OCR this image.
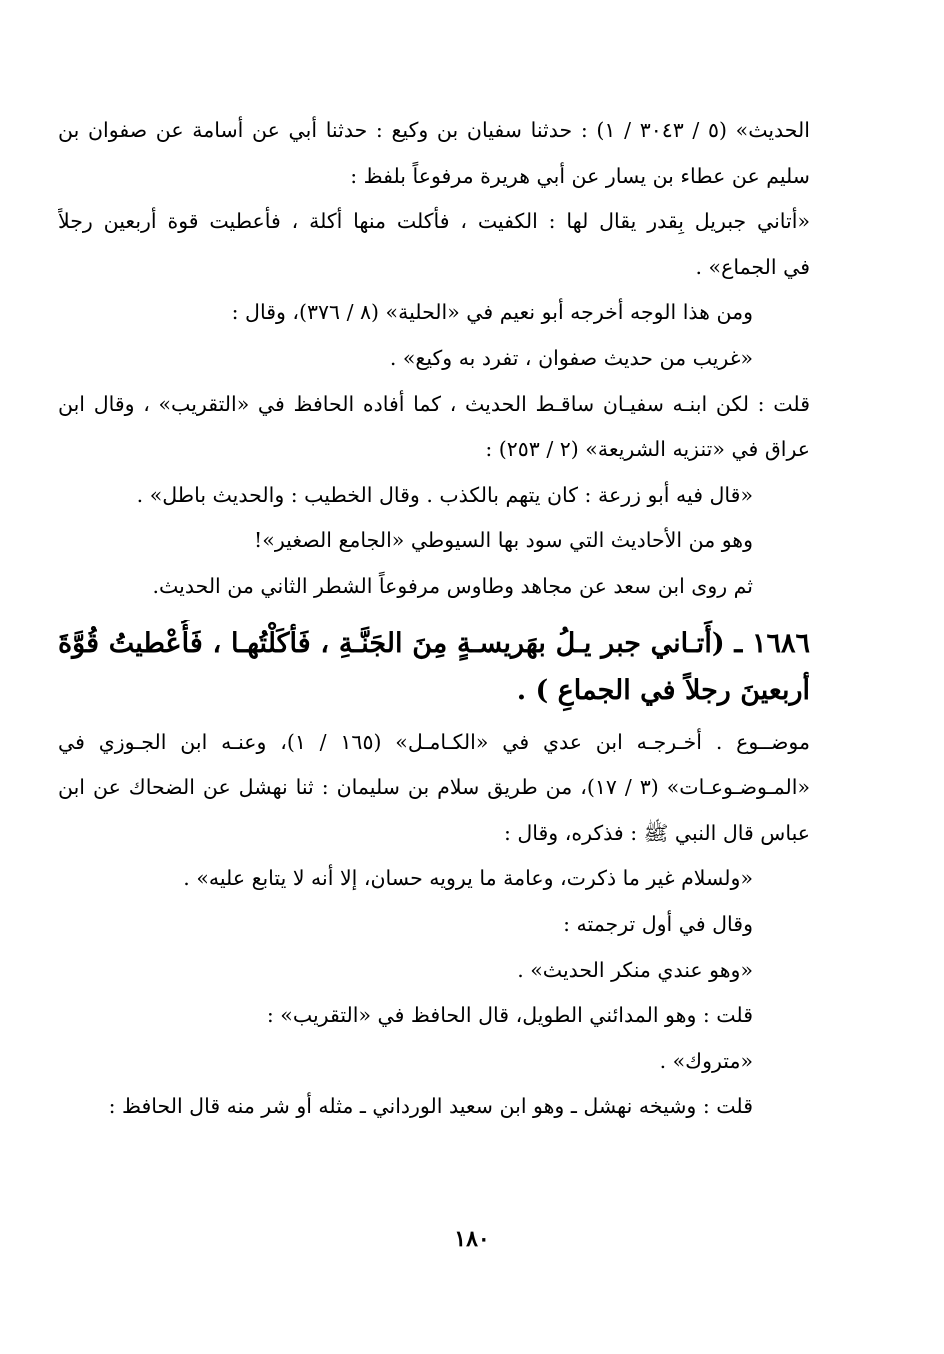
الحديث» (٥ / ٣٠٤٣ / ١) : حدثنا سفيان بن وكيع : حدثنا أبي عن أسامة عن صفوان بن
سليم عن عطاء بن يسار عن أبي هريرة مرفوعاً بلفظ :
«أتاني جبريل بِقدر يقال لها : الكفيت ، فأكلت منها أكلة ، فأعطيت قوة أربعين رجلاً
في الجماع» .
ومن هذا الوجه أخرجه أبو نعيم في «الحلية» (٨ / ٣٧٦)، وقال :
«غريب من حديث صفوان ، تفرد به وكيع» .
قلت : لكن ابنـه سفيـان ساقـط الحديث ، كما أفاده الحافظ في «التقريب» ، وقال ابن
عراق في «تنزيه الشريعة» (٢ / ٢٥٣) :
«قال فيه أبو زرعة : كان يتهم بالكذب . وقال الخطيب : والحديث باطل» .
وهو من الأحاديث التي سود بها السيوطي «الجامع الصغير»!
ثم روى ابن سعد عن مجاهد وطاوس مرفوعاً الشطر الثاني من الحديث.
١٦٨٦ ـ (أَتـاني جبر يـلُ بهَريسـةٍ مِنَ الجَنَّـةِ ، فَأكَلْتُهـا ، فَأُعْطيتُ قُوَّةَ
أربعينَ رجلاً في الجماعِ ) .
موضــوع . أخـرجـه ابن عدي في «الكـامـل» (١٦٥ / ١)، وعنـه ابن الجـوزي في
«المـوضـوعـات» (٣ / ١٧)، من طريق سلام بن سليمان : ثنا نهشل عن الضحاك عن ابن
عباس قال النبي ﷺ : فذكره، وقال :
«ولسلام غير ما ذكرت، وعامة ما يرويه حسان، إلا أنه لا يتابع عليه» .
وقال في أول ترجمته :
«وهو عندي منكر الحديث» .
قلت : وهو المدائني الطويل، قال الحافظ في «التقريب» :
«متروك» .
قلت : وشيخه نهشل ـ وهو ابن سعيد الورداني ـ مثله أو شر منه قال الحافظ :
١٨٠
